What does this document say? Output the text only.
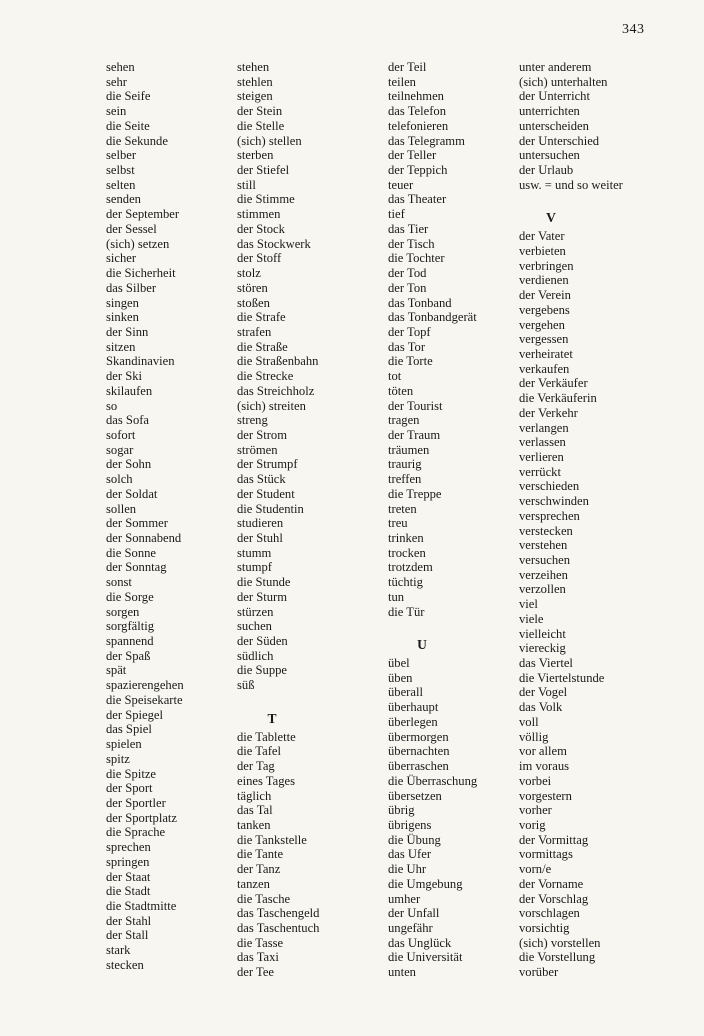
343
sehen
sehr
die Seife
sein
die Seite
die Sekunde
selber
selbst
selten
senden
der September
der Sessel
(sich) setzen
sicher
die Sicherheit
das Silber
singen
sinken
der Sinn
sitzen
Skandinavien
der Ski
skilaufen
so
das Sofa
sofort
sogar
der Sohn
solch
der Soldat
sollen
der Sommer
der Sonnabend
die Sonne
der Sonntag
sonst
die Sorge
sorgen
sorgfältig
spannend
der Spaß
spät
spazierengehen
die Speisekarte
der Spiegel
das Spiel
spielen
spitz
die Spitze
der Sport
der Sportler
der Sportplatz
die Sprache
sprechen
springen
der Staat
die Stadt
die Stadtmitte
der Stahl
der Stall
stark
stecken
stehen
stehlen
steigen
der Stein
die Stelle
(sich) stellen
sterben
der Stiefel
still
die Stimme
stimmen
der Stock
das Stockwerk
der Stoff
stolz
stören
stoßen
die Strafe
strafen
die Straße
die Straßenbahn
die Strecke
das Streichholz
(sich) streiten
streng
der Strom
strömen
der Strumpf
das Stück
der Student
die Studentin
studieren
der Stuhl
stumm
stumpf
die Stunde
der Sturm
stürzen
suchen
der Süden
südlich
die Suppe
süß
T
die Tablette
die Tafel
der Tag
eines Tages
täglich
das Tal
tanken
die Tankstelle
die Tante
der Tanz
tanzen
die Tasche
das Taschengeld
das Taschentuch
die Tasse
das Taxi
der Tee
der Teil
teilen
teilnehmen
das Telefon
telefonieren
das Telegramm
der Teller
der Teppich
teuer
das Theater
tief
das Tier
der Tisch
die Tochter
der Tod
der Ton
das Tonband
das Tonbandgerät
der Topf
das Tor
die Torte
tot
töten
der Tourist
tragen
der Traum
träumen
traurig
treffen
die Treppe
treten
treu
trinken
trocken
trotzdem
tüchtig
tun
die Tür
U
übel
üben
überall
überhaupt
überlegen
übermorgen
übernachten
überraschen
die Überraschung
übersetzen
übrig
übrigens
die Übung
das Ufer
die Uhr
die Umgebung
umher
der Unfall
ungefähr
das Unglück
die Universität
unten
unter anderem
(sich) unterhalten
der Unterricht
unterrichten
unterscheiden
der Unterschied
untersuchen
der Urlaub
usw. = und so weiter
V
der Vater
verbieten
verbringen
verdienen
der Verein
vergebens
vergehen
vergessen
verheiratet
verkaufen
der Verkäufer
die Verkäuferin
der Verkehr
verlangen
verlassen
verlieren
verrückt
verschieden
verschwinden
versprechen
verstecken
verstehen
versuchen
verzeihen
verzollen
viel
viele
vielleicht
viereckig
das Viertel
die Viertelstunde
der Vogel
das Volk
voll
völlig
vor allem
im voraus
vorbei
vorgestern
vorher
vorig
der Vormittag
vormittags
vorn/e
der Vorname
der Vorschlag
vorschlagen
vorsichtig
(sich) vorstellen
die Vorstellung
vorüber
